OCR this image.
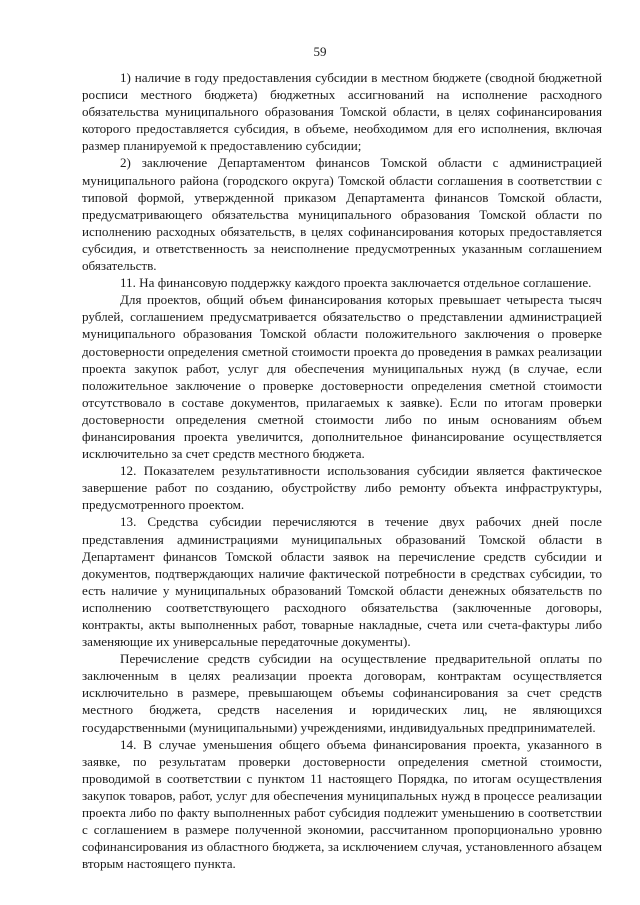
59

1) наличие в году предоставления субсидии в местном бюджете (сводной бюджетной росписи местного бюджета) бюджетных ассигнований на исполнение расходного обязательства муниципального образования Томской области, в целях софинансирования которого предоставляется субсидия, в объеме, необходимом для его исполнения, включая размер планируемой к предоставлению субсидии;

2) заключение Департаментом финансов Томской области с администрацией муниципального района (городского округа) Томской области соглашения в соответствии с типовой формой, утвержденной приказом Департамента финансов Томской области, предусматривающего обязательства муниципального образования Томской области по исполнению расходных обязательств, в целях софинансирования которых предоставляется субсидия, и ответственность за неисполнение предусмотренных указанным соглашением обязательств.

11. На финансовую поддержку каждого проекта заключается отдельное соглашение.

Для проектов, общий объем финансирования которых превышает четыреста тысяч рублей, соглашением предусматривается обязательство о представлении администрацией муниципального образования Томской области положительного заключения о проверке достоверности определения сметной стоимости проекта до проведения в рамках реализации проекта закупок работ, услуг для обеспечения муниципальных нужд (в случае, если положительное заключение о проверке достоверности определения сметной стоимости отсутствовало в составе документов, прилагаемых к заявке). Если по итогам проверки достоверности определения сметной стоимости либо по иным основаниям объем финансирования проекта увеличится, дополнительное финансирование осуществляется исключительно за счет средств местного бюджета.

12. Показателем результативности использования субсидии является фактическое завершение работ по созданию, обустройству либо ремонту объекта инфраструктуры, предусмотренного проектом.

13. Средства субсидии перечисляются в течение двух рабочих дней после представления администрациями муниципальных образований Томской области в Департамент финансов Томской области заявок на перечисление средств субсидии и документов, подтверждающих наличие фактической потребности в средствах субсидии, то есть наличие у муниципальных образований Томской области денежных обязательств по исполнению соответствующего расходного обязательства (заключенные договоры, контракты, акты выполненных работ, товарные накладные, счета или счета-фактуры либо заменяющие их универсальные передаточные документы).

Перечисление средств субсидии на осуществление предварительной оплаты по заключенным в целях реализации проекта договорам, контрактам осуществляется исключительно в размере, превышающем объемы софинансирования за счет средств местного бюджета, средств населения и юридических лиц, не являющихся государственными (муниципальными) учреждениями, индивидуальных предпринимателей.

14. В случае уменьшения общего объема финансирования проекта, указанного в заявке, по результатам проверки достоверности определения сметной стоимости, проводимой в соответствии с пунктом 11 настоящего Порядка, по итогам осуществления закупок товаров, работ, услуг для обеспечения муниципальных нужд в процессе реализации проекта либо по факту выполненных работ субсидия подлежит уменьшению в соответствии с соглашением в размере полученной экономии, рассчитанном пропорционально уровню софинансирования из областного бюджета, за исключением случая, установленного абзацем вторым настоящего пункта.
